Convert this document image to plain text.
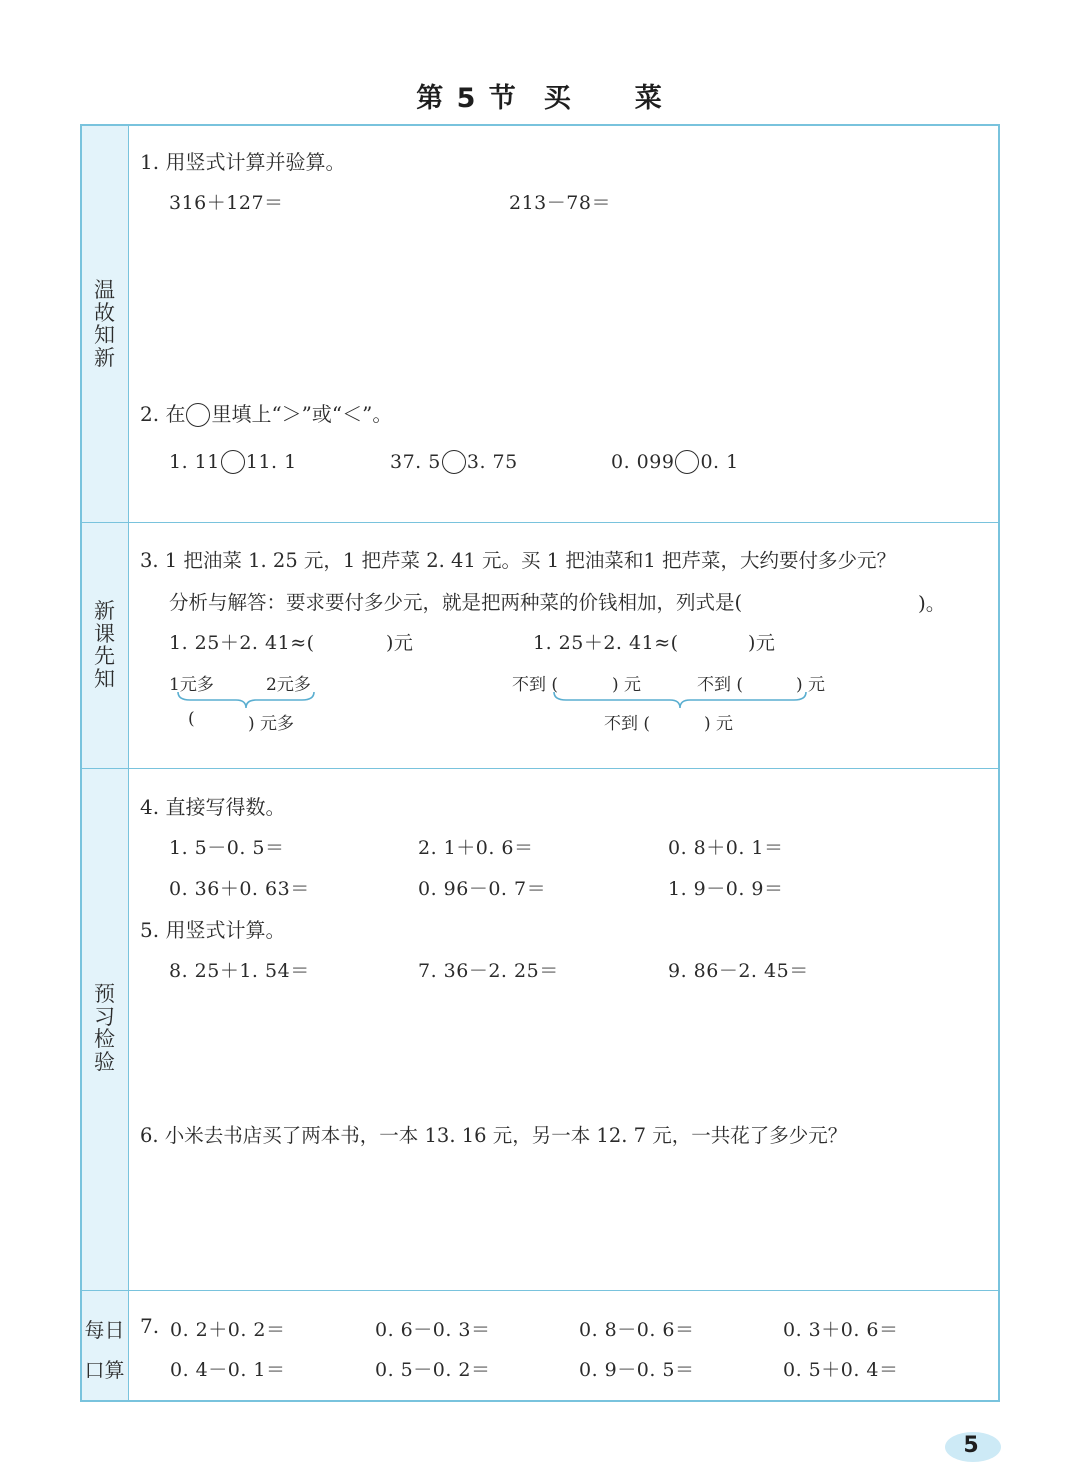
第 5 节 买 菜
温故知新
新课先知
预习检验
每日
口算
1. 用竖式计算并验算。
316＋127＝	213－78＝
2. 在 里填上“＞”或“＜”。
1. 11 11. 1	37. 5 3. 75	0. 099 0. 1
3. 1 把油菜 1. 25 元，1 把芹菜 2. 41 元。买 1 把油菜和1 把芹菜，大约要付多少元？
分析与解答：要求要付多少元，就是把两种菜的价钱相加，列式是(	)。
1. 25＋2. 41≈(	)元	1. 25＋2. 41≈(	)元
1元多	2元多
(	) 元多
不到 (	) 元	不到 (	) 元
不到 (	) 元
4. 直接写得数。
1. 5－0. 5＝	2. 1＋0. 6＝	0. 8＋0. 1＝
0. 36＋0. 63＝	0. 96－0. 7＝	1. 9－0. 9＝
5. 用竖式计算。
8. 25＋1. 54＝	7. 36－2. 25＝	9. 86－2. 45＝
6. 小米去书店买了两本书，一本 13. 16 元，另一本 12. 7 元，一共花了多少元？
7. 0. 2＋0. 2＝	0. 6－0. 3＝	0. 8－0. 6＝	0. 3＋0. 6＝
0. 4－0. 1＝	0. 5－0. 2＝	0. 9－0. 5＝	0. 5＋0. 4＝
5
